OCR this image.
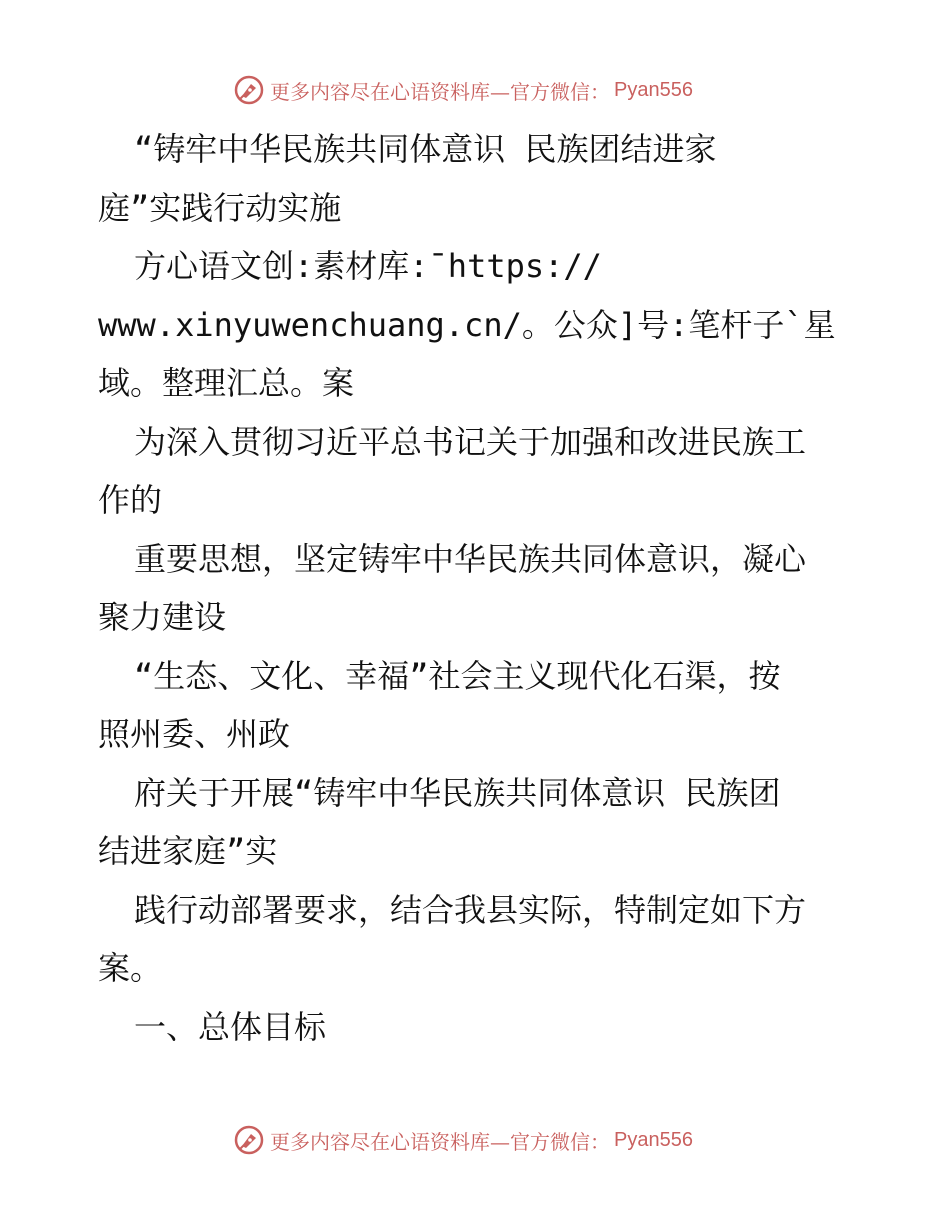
更多内容尽在心语资料库—官方微信： Pyan556
“铸牢中华民族共同体意识 民族团结进家
庭”实践行动实施
方心语文创:素材库:¯https://
www.xinyuwenchuang.cn/。公众]号:笔杆子`星
域。整理汇总。案
为深入贯彻习近平总书记关于加强和改进民族工
作的
重要思想，坚定铸牢中华民族共同体意识，凝心
聚力建设
“生态、文化、幸福”社会主义现代化石渠，按
照州委、州政
府关于开展“铸牢中华民族共同体意识 民族团
结进家庭”实
践行动部署要求，结合我县实际，特制定如下方
案。
一、总体目标
更多内容尽在心语资料库—官方微信： Pyan556
